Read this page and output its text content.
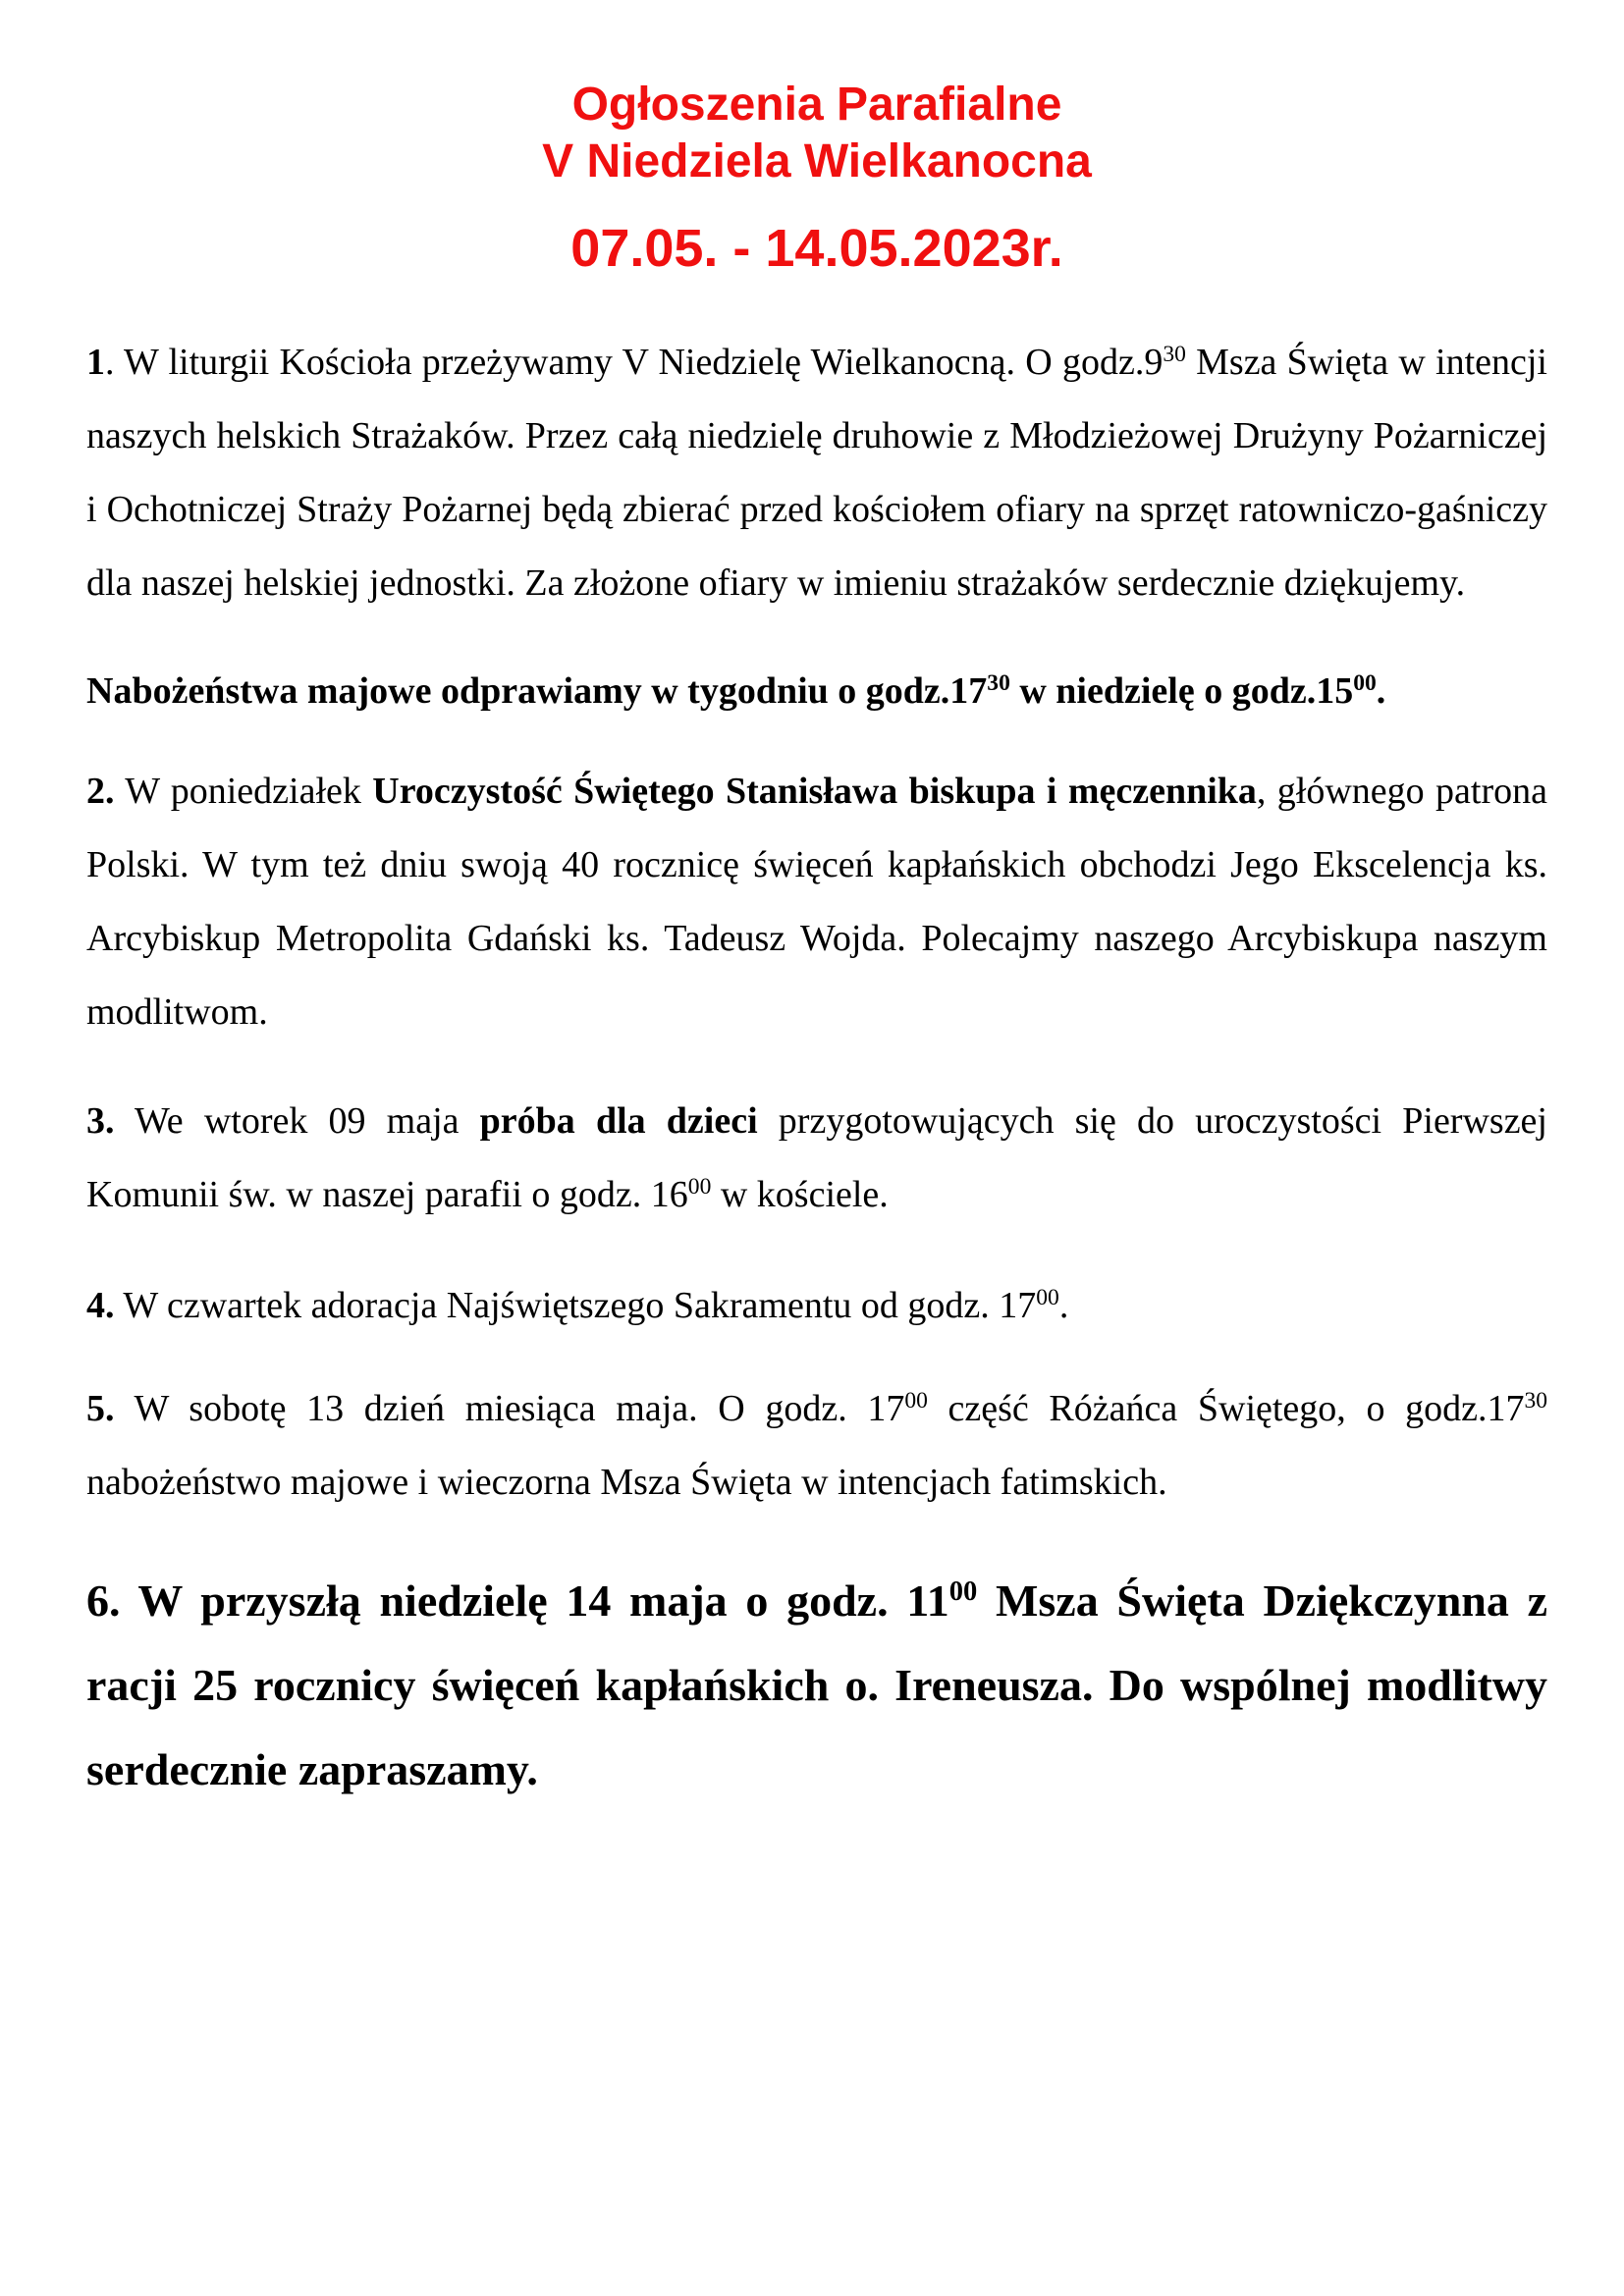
Ogłoszenia Parafialne
V Niedziela Wielkanocna
07.05. - 14.05.2023r.

1. W liturgii Kościoła przeżywamy V Niedzielę Wielkanocną. O $godz.9^{30}$ Msza Święta w intencji naszych helskich Strażaków. Przez całą niedzielę druhowie z Młodzieżowej Drużyny Pożarniczej i Ochotniczej Straży Pożarnej będą zbierać przed kościołem ofiary na sprzęt ratowniczo-gaśniczy dla naszej helskiej jednostki. Za złożone ofiary w imieniu strażaków serdecznie dziękujemy.

Nabożeństwa majowe odprawiamy w tygodniu o $godz.17^{30}$ w niedzielę o $godz.15^{00}$.

2. W poniedziałek Uroczystość Świętego Stanisława biskupa i męczennika, głównego patrona Polski. W tym też dniu swoją 40 rocznicę święceń kapłańskich obchodzi Jego Ekscelencja ks. Arcybiskup Metropolita Gdański ks. Tadeusz Wojda. Polecajmy naszego Arcybiskupa naszym modlitwom.

3. We wtorek 09 maja próba dla dzieci przygotowujących się do uroczystości Pierwszej Komunii św. w naszej parafii o godz. $16^{00}$ w kościele.

4. W czwartek adoracja Najświętszego Sakramentu od godz. $17^{00}$.

5. W sobotę 13 dzień miesiąca maja. O godz. $17^{00}$ część Różańca Świętego, o $godz.17^{30}$ nabożeństwo majowe i wieczorna Msza Święta w intencjach fatimskich.

6. W przyszłą niedzielę 14 maja o godz. $11^{00}$ Msza Święta Dziękczynna z racji 25 rocznicy święceń kapłańskich o. Ireneusza. Do wspólnej modlitwy serdecznie zapraszamy.
